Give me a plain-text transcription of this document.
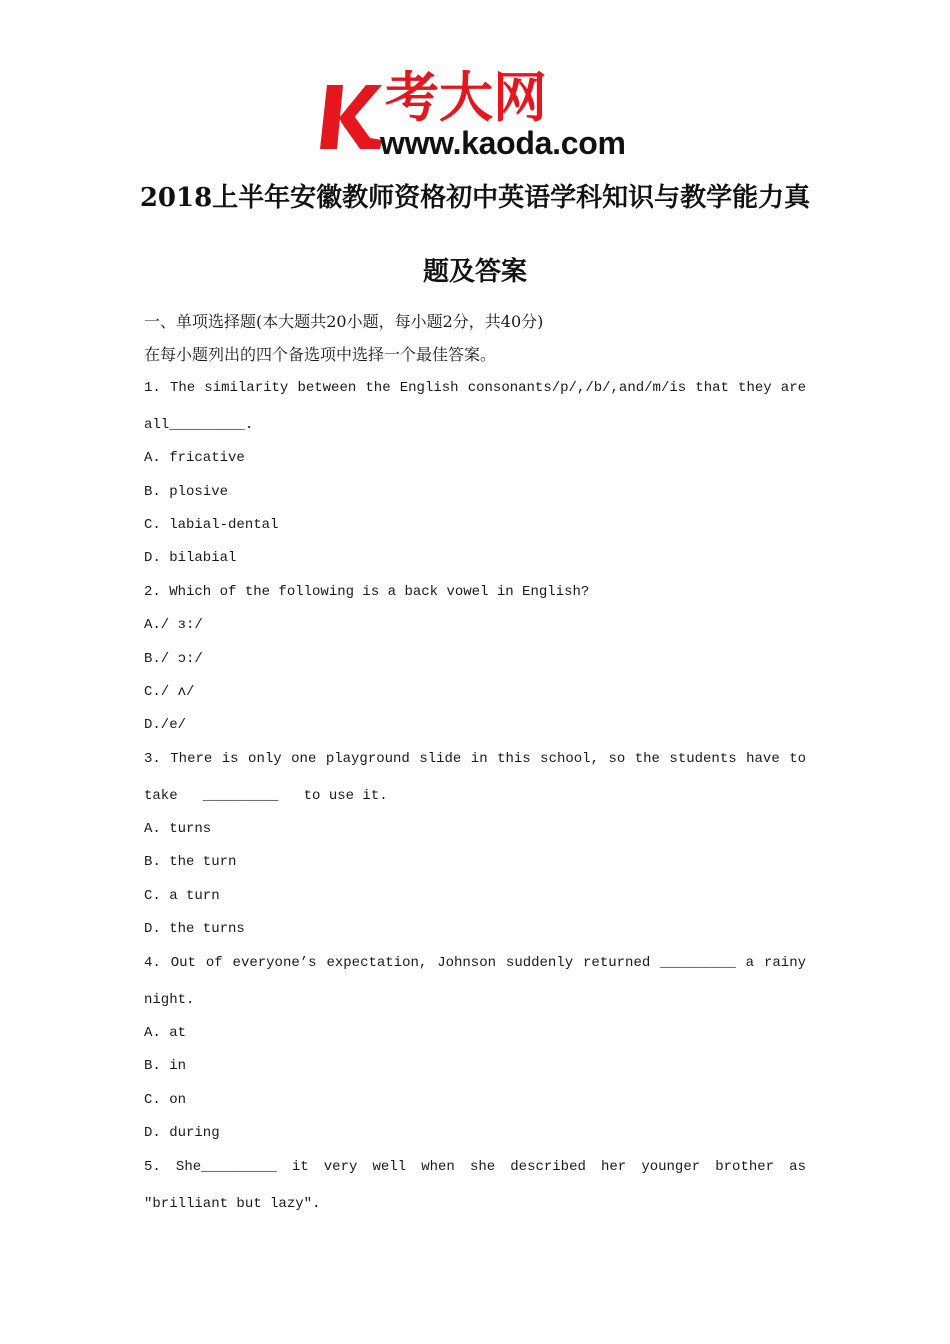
考大网
www.kaoda.com
2018上半年安徽教师资格初中英语学科知识与教学能力真
题及答案
一、单项选择题(本大题共20小题，每小题2分，共40分)
在每小题列出的四个备选项中选择一个最佳答案。
1. The similarity between the English consonants/p/,/b/,and/m/is that they are
all_________.
A. fricative
B. plosive
C. labial-dental
D. bilabial
2. Which of the following is a back vowel in English?
A./ ɜ:/
B./ ɔ:/
C./ ʌ/
D./e/
3. There is only one playground slide in this school, so the students have to
take   _________   to use it.
A. turns
B. the turn
C. a turn
D. the turns
4. Out of everyone’s expectation, Johnson suddenly returned _________ a rainy
night.
A. at
B. in
C. on
D. during
5. She_________ it very well when she described her younger brother as
"brilliant but lazy".
